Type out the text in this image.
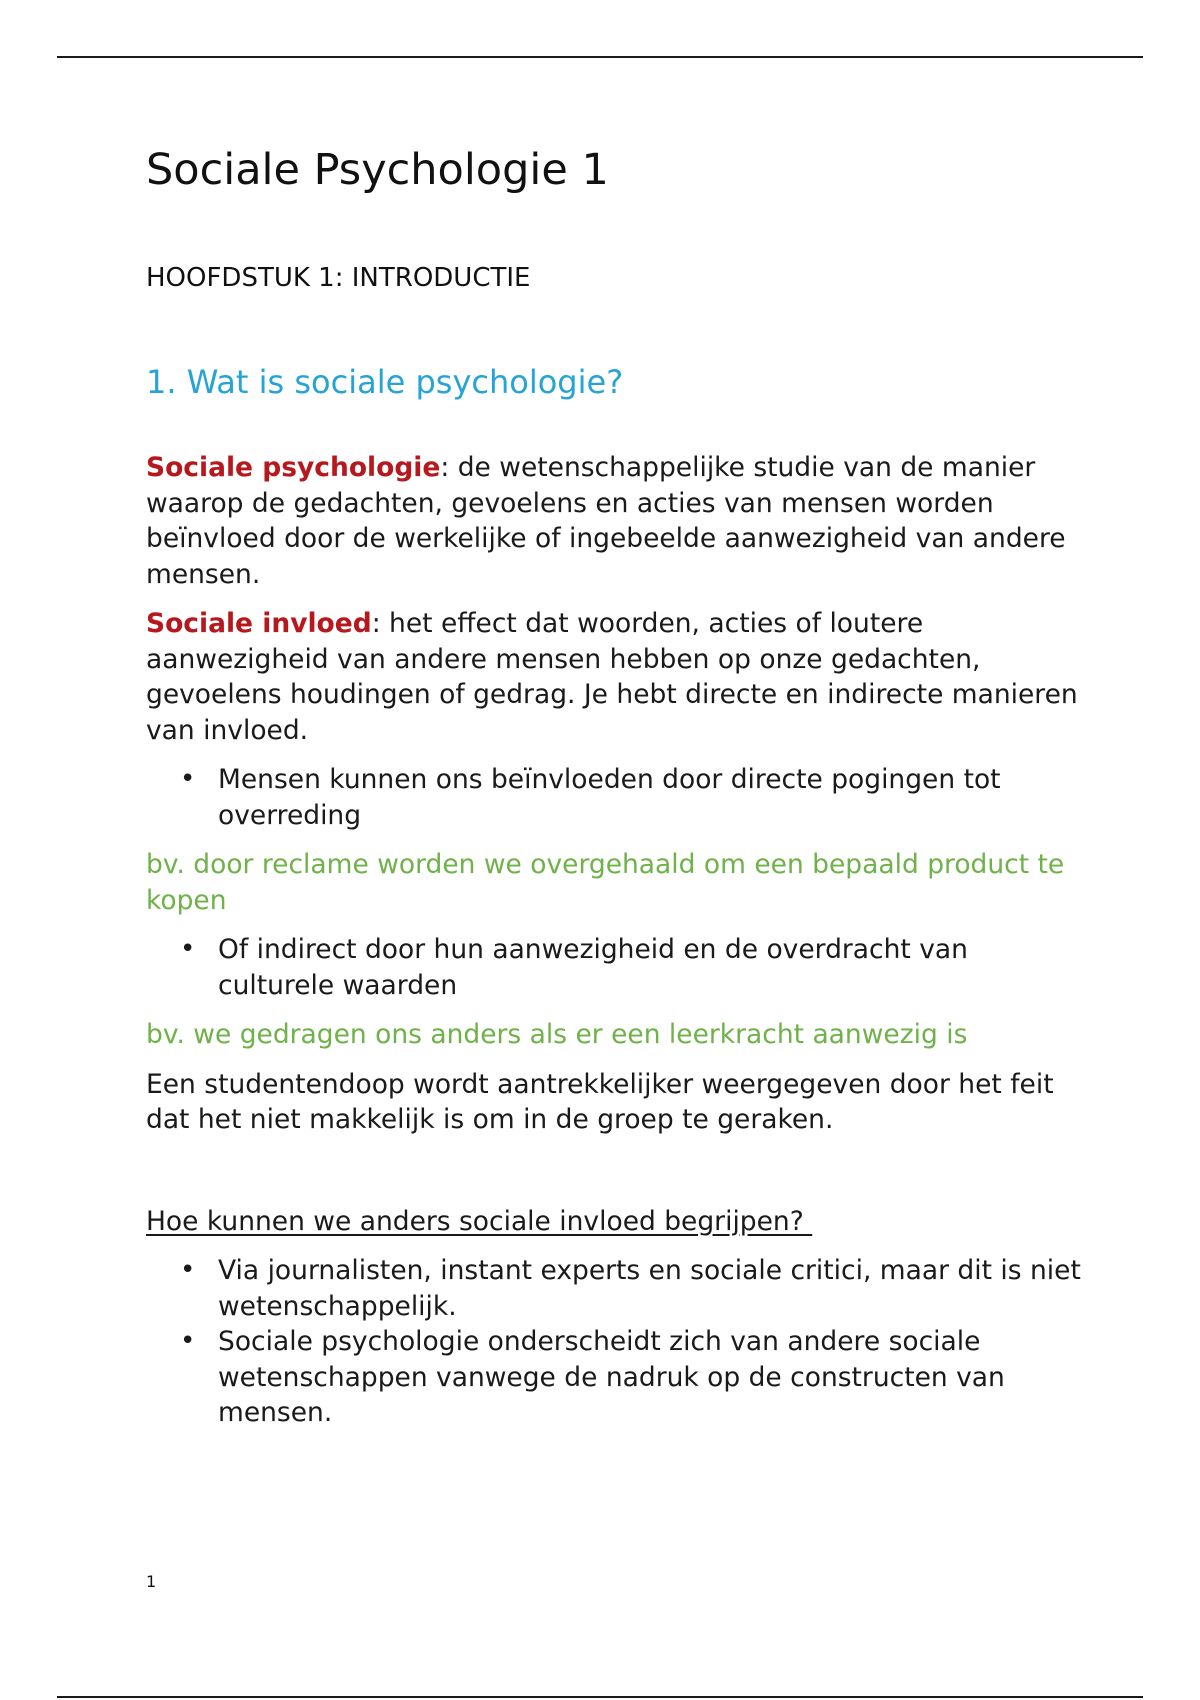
Sociale Psychologie 1
HOOFDSTUK 1: INTRODUCTIE
1. Wat is sociale psychologie?

Sociale psychologie: de wetenschappelijke studie van de manier waarop de gedachten, gevoelens en acties van mensen worden beïnvloed door de werkelijke of ingebeelde aanwezigheid van andere mensen.

Sociale invloed: het effect dat woorden, acties of loutere aanwezigheid van andere mensen hebben op onze gedachten, gevoelens houdingen of gedrag. Je hebt directe en indirecte manieren van invloed.

• Mensen kunnen ons beïnvloeden door directe pogingen tot overreding

bv. door reclame worden we overgehaald om een bepaald product te kopen

• Of indirect door hun aanwezigheid en de overdracht van culturele waarden

bv. we gedragen ons anders als er een leerkracht aanwezig is

Een studentendoop wordt aantrekkelijker weergegeven door het feit dat het niet makkelijk is om in de groep te geraken.

Hoe kunnen we anders sociale invloed begrijpen?

• Via journalisten, instant experts en sociale critici, maar dit is niet wetenschappelijk.
• Sociale psychologie onderscheidt zich van andere sociale wetenschappen vanwege de nadruk op de constructen van mensen.
1
